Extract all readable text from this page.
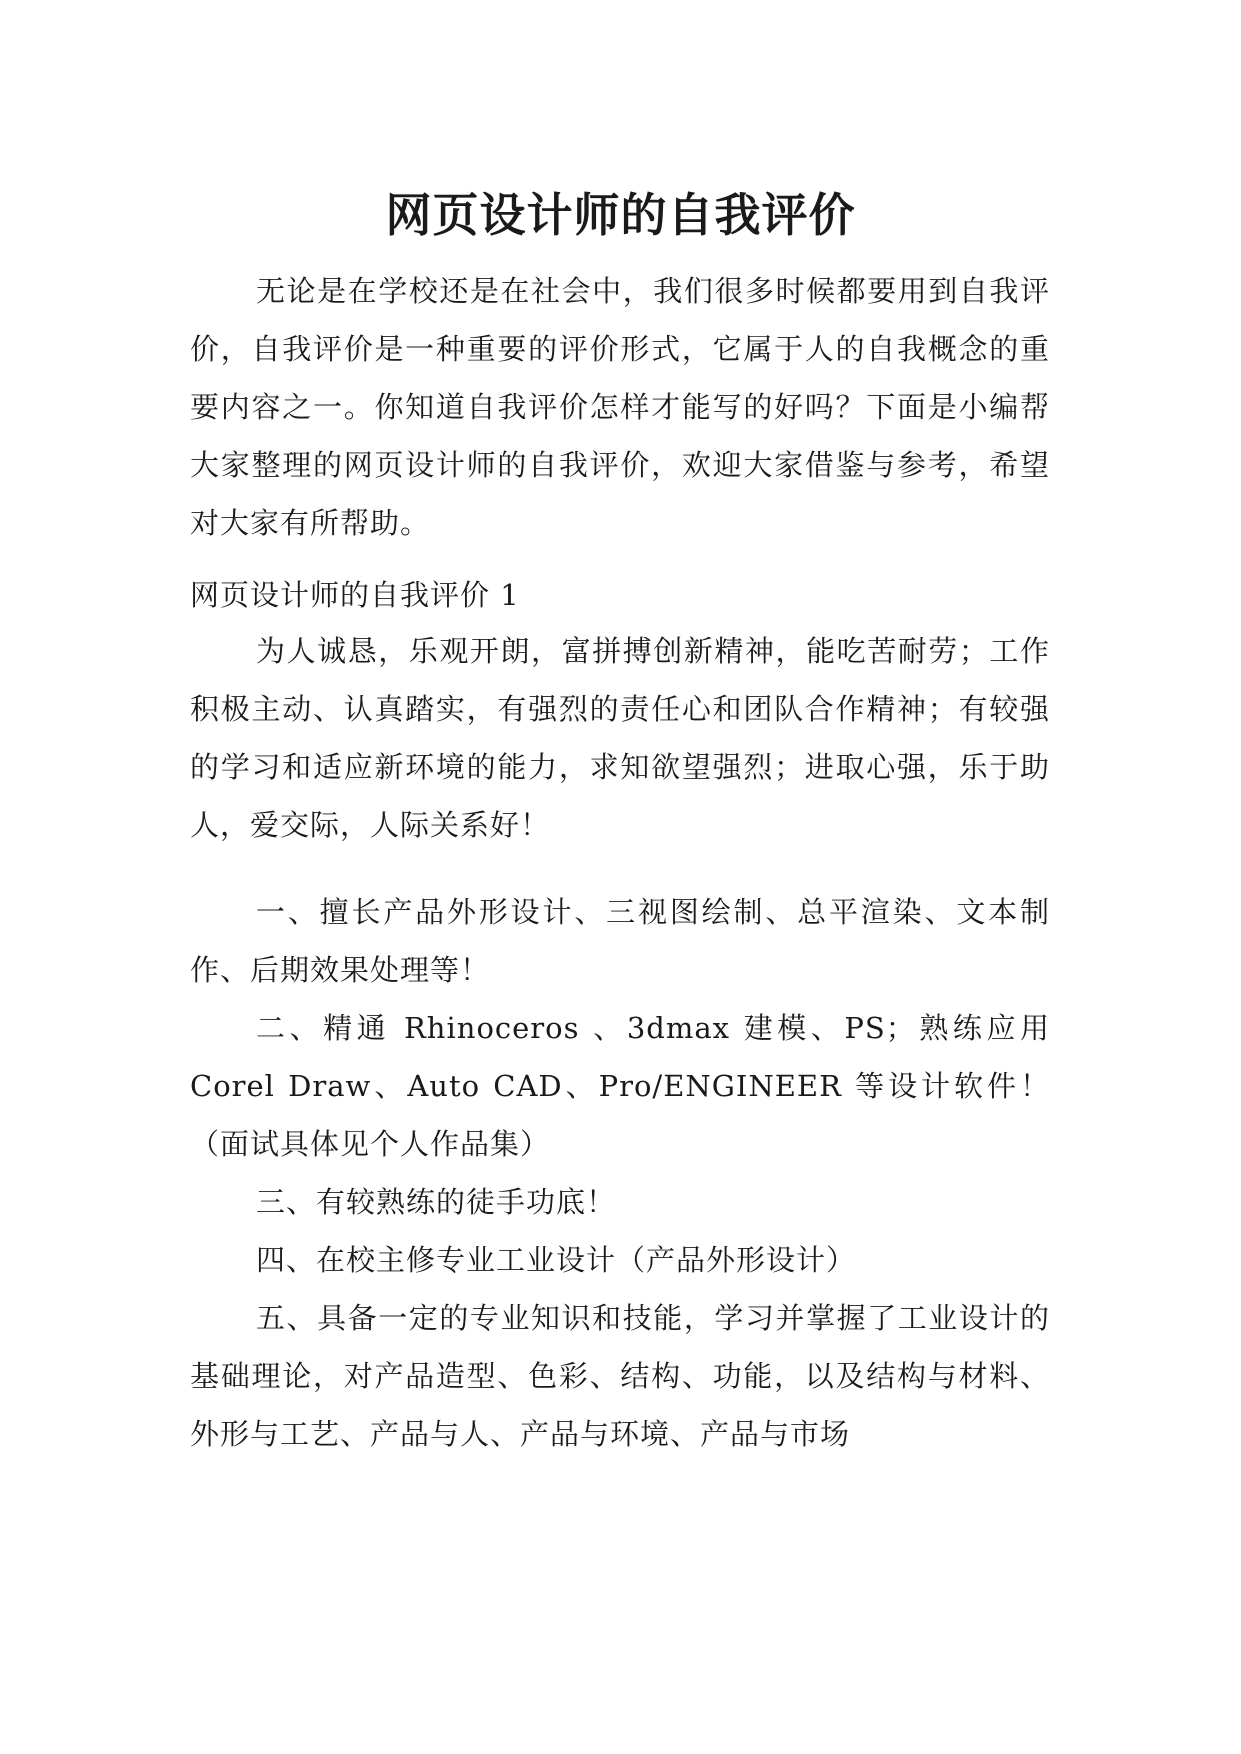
网页设计师的自我评价

无论是在学校还是在社会中，我们很多时候都要用到自我评价，自我评价是一种重要的评价形式，它属于人的自我概念的重要内容之一。你知道自我评价怎样才能写的好吗？下面是小编帮大家整理的网页设计师的自我评价，欢迎大家借鉴与参考，希望对大家有所帮助。

网页设计师的自我评价 1

为人诚恳，乐观开朗，富拼搏创新精神，能吃苦耐劳；工作积极主动、认真踏实，有强烈的责任心和团队合作精神；有较强的学习和适应新环境的能力，求知欲望强烈；进取心强，乐于助人，爱交际，人际关系好！

一、擅长产品外形设计、三视图绘制、总平渲染、文本制作、后期效果处理等！

二、精通 Rhinoceros 、3dmax 建模、PS；熟练应用 Corel Draw、Auto CAD、Pro/ENGINEER 等设计软件！（面试具体见个人作品集）

三、有较熟练的徒手功底！

四、在校主修专业工业设计（产品外形设计）

五、具备一定的专业知识和技能，学习并掌握了工业设计的基础理论，对产品造型、色彩、结构、功能，以及结构与材料、外形与工艺、产品与人、产品与环境、产品与市场
